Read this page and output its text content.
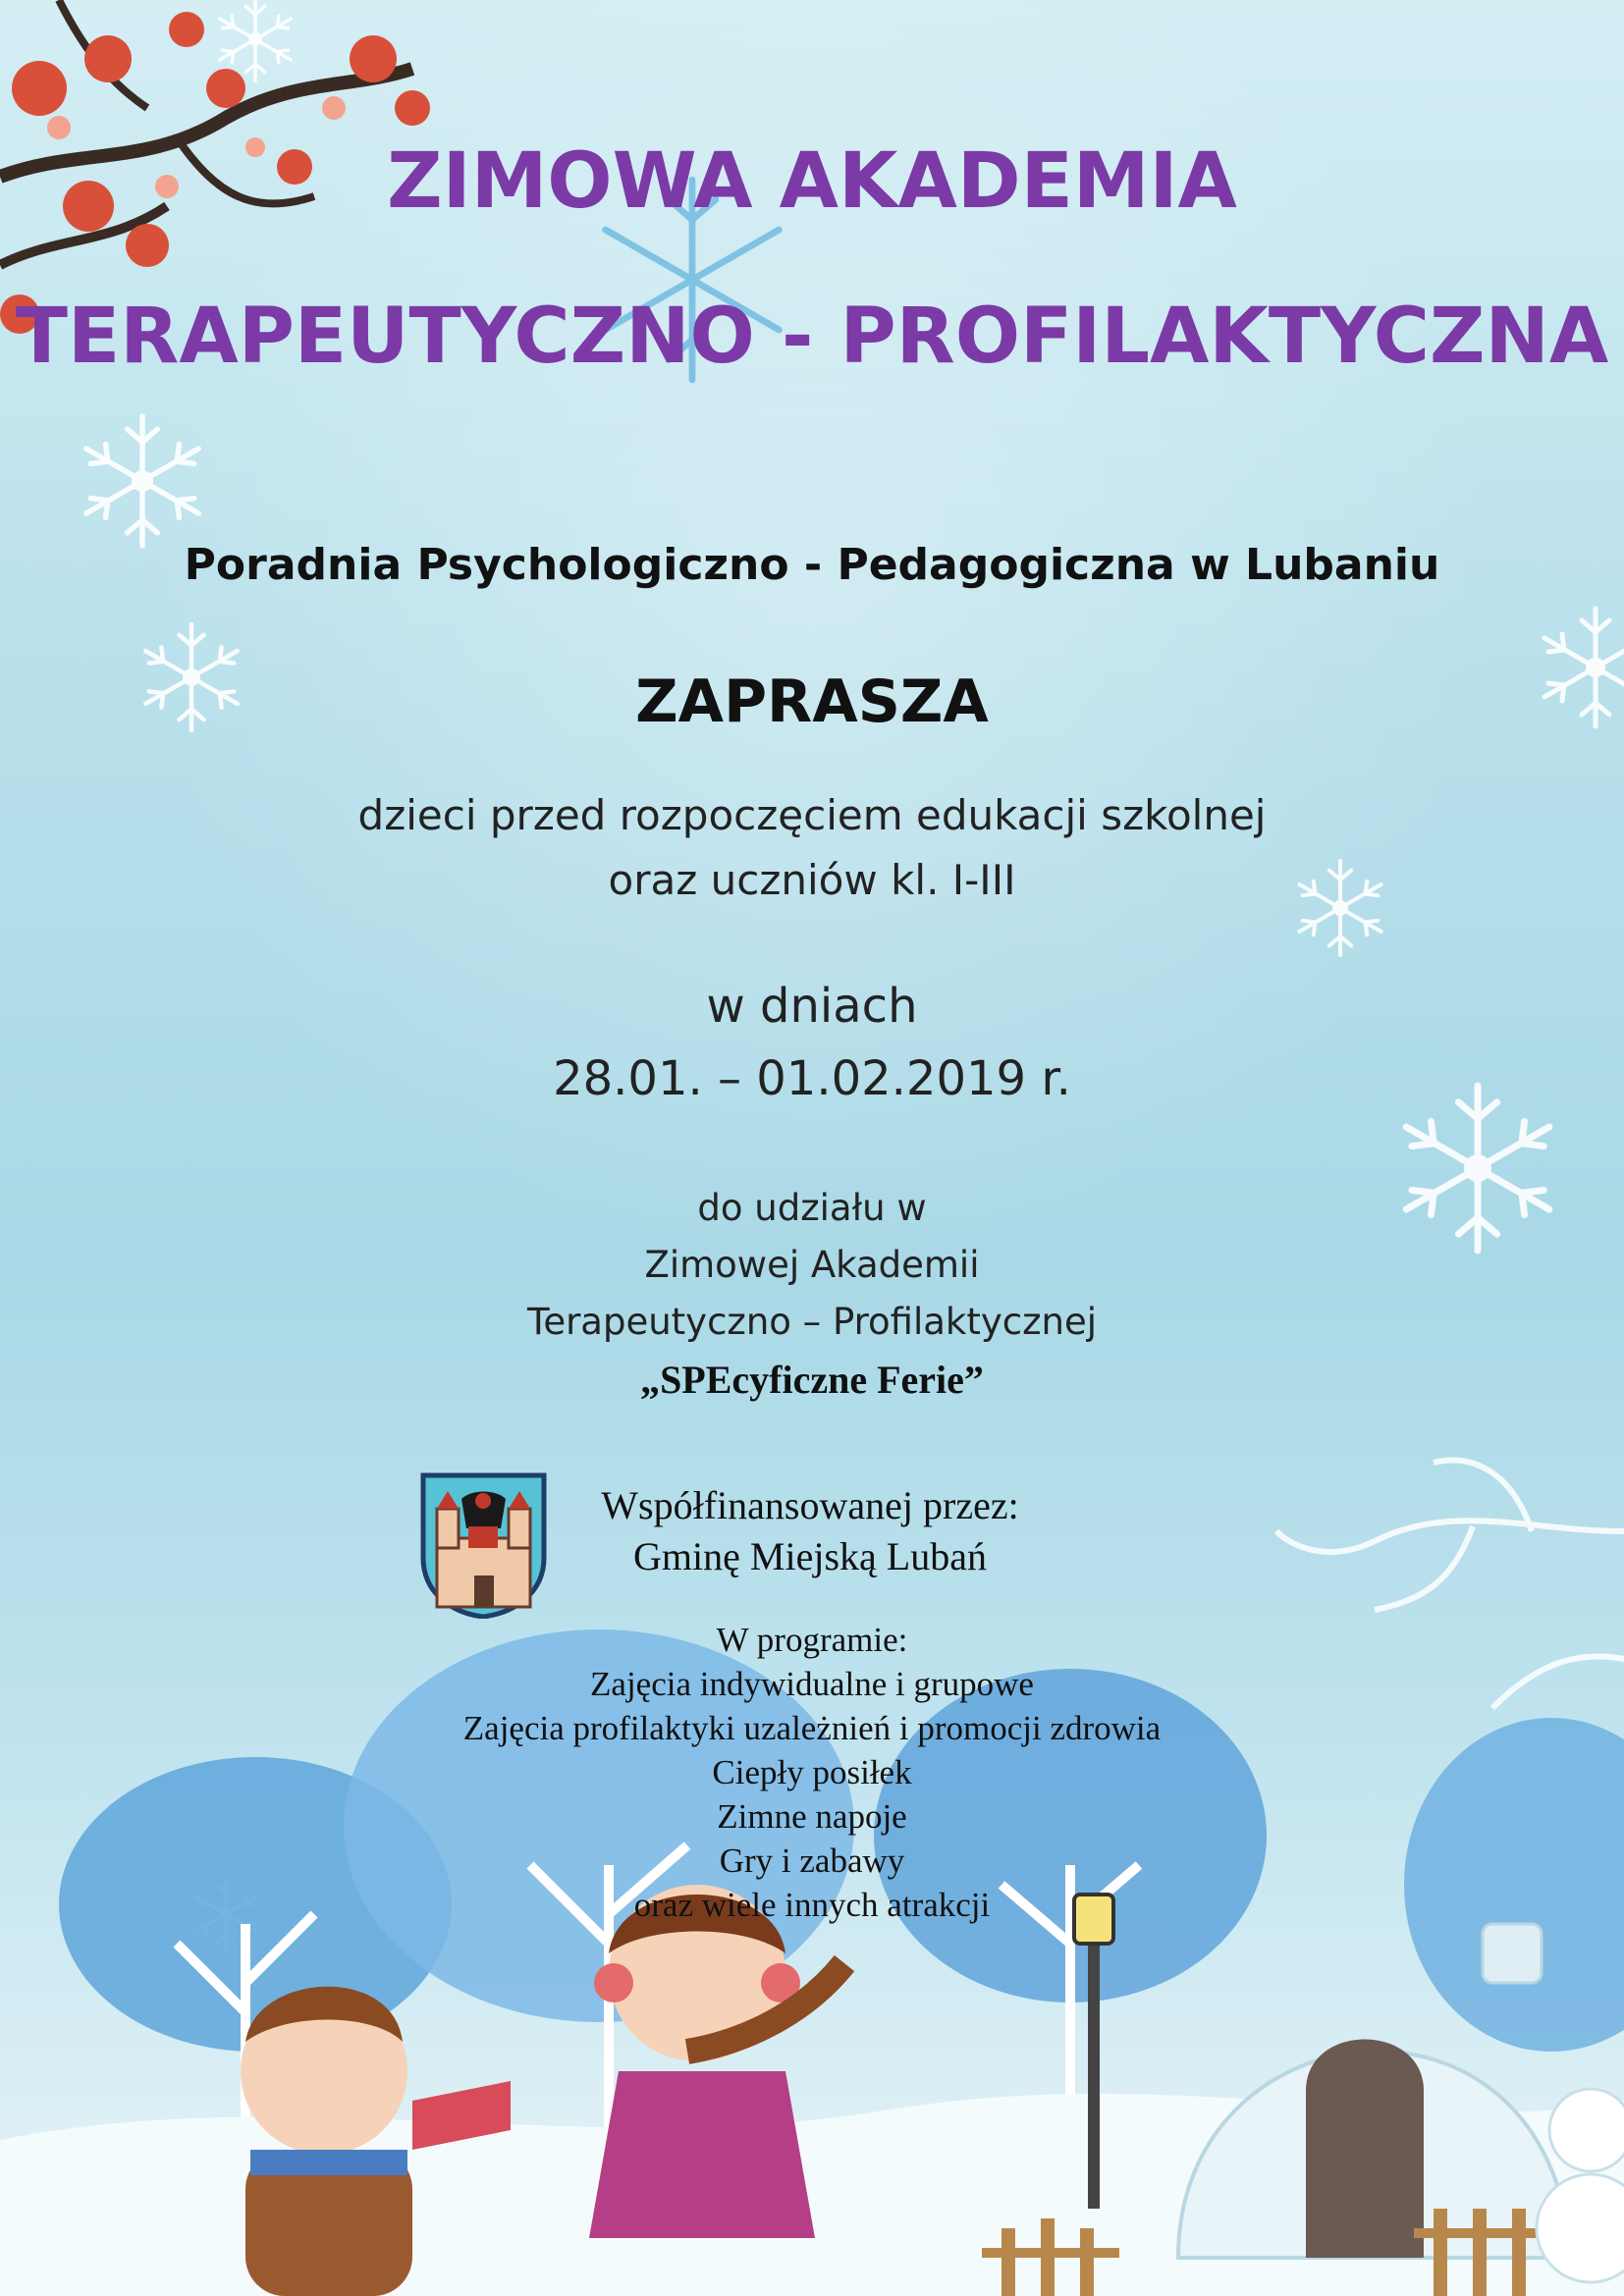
ZIMOWA AKADEMIA
TERAPEUTYCZNO - PROFILAKTYCZNA
Poradnia Psychologiczno - Pedagogiczna w Lubaniu
ZAPRASZA
dzieci przed rozpoczęciem edukacji szkolnej
oraz uczniów kl. I-III
w dniach
28.01. – 01.02.2019 r.
do udziału w
Zimowej Akademii
Terapeutyczno – Profilaktycznej
„SPEcyficzne Ferie”
Współfinansowanej przez:
Gminę Miejską Lubań
W programie:
Zajęcia indywidualne i grupowe
Zajęcia profilaktyki uzależnień i promocji zdrowia
Ciepły posiłek
Zimne napoje
Gry i zabawy
oraz wiele innych atrakcji
